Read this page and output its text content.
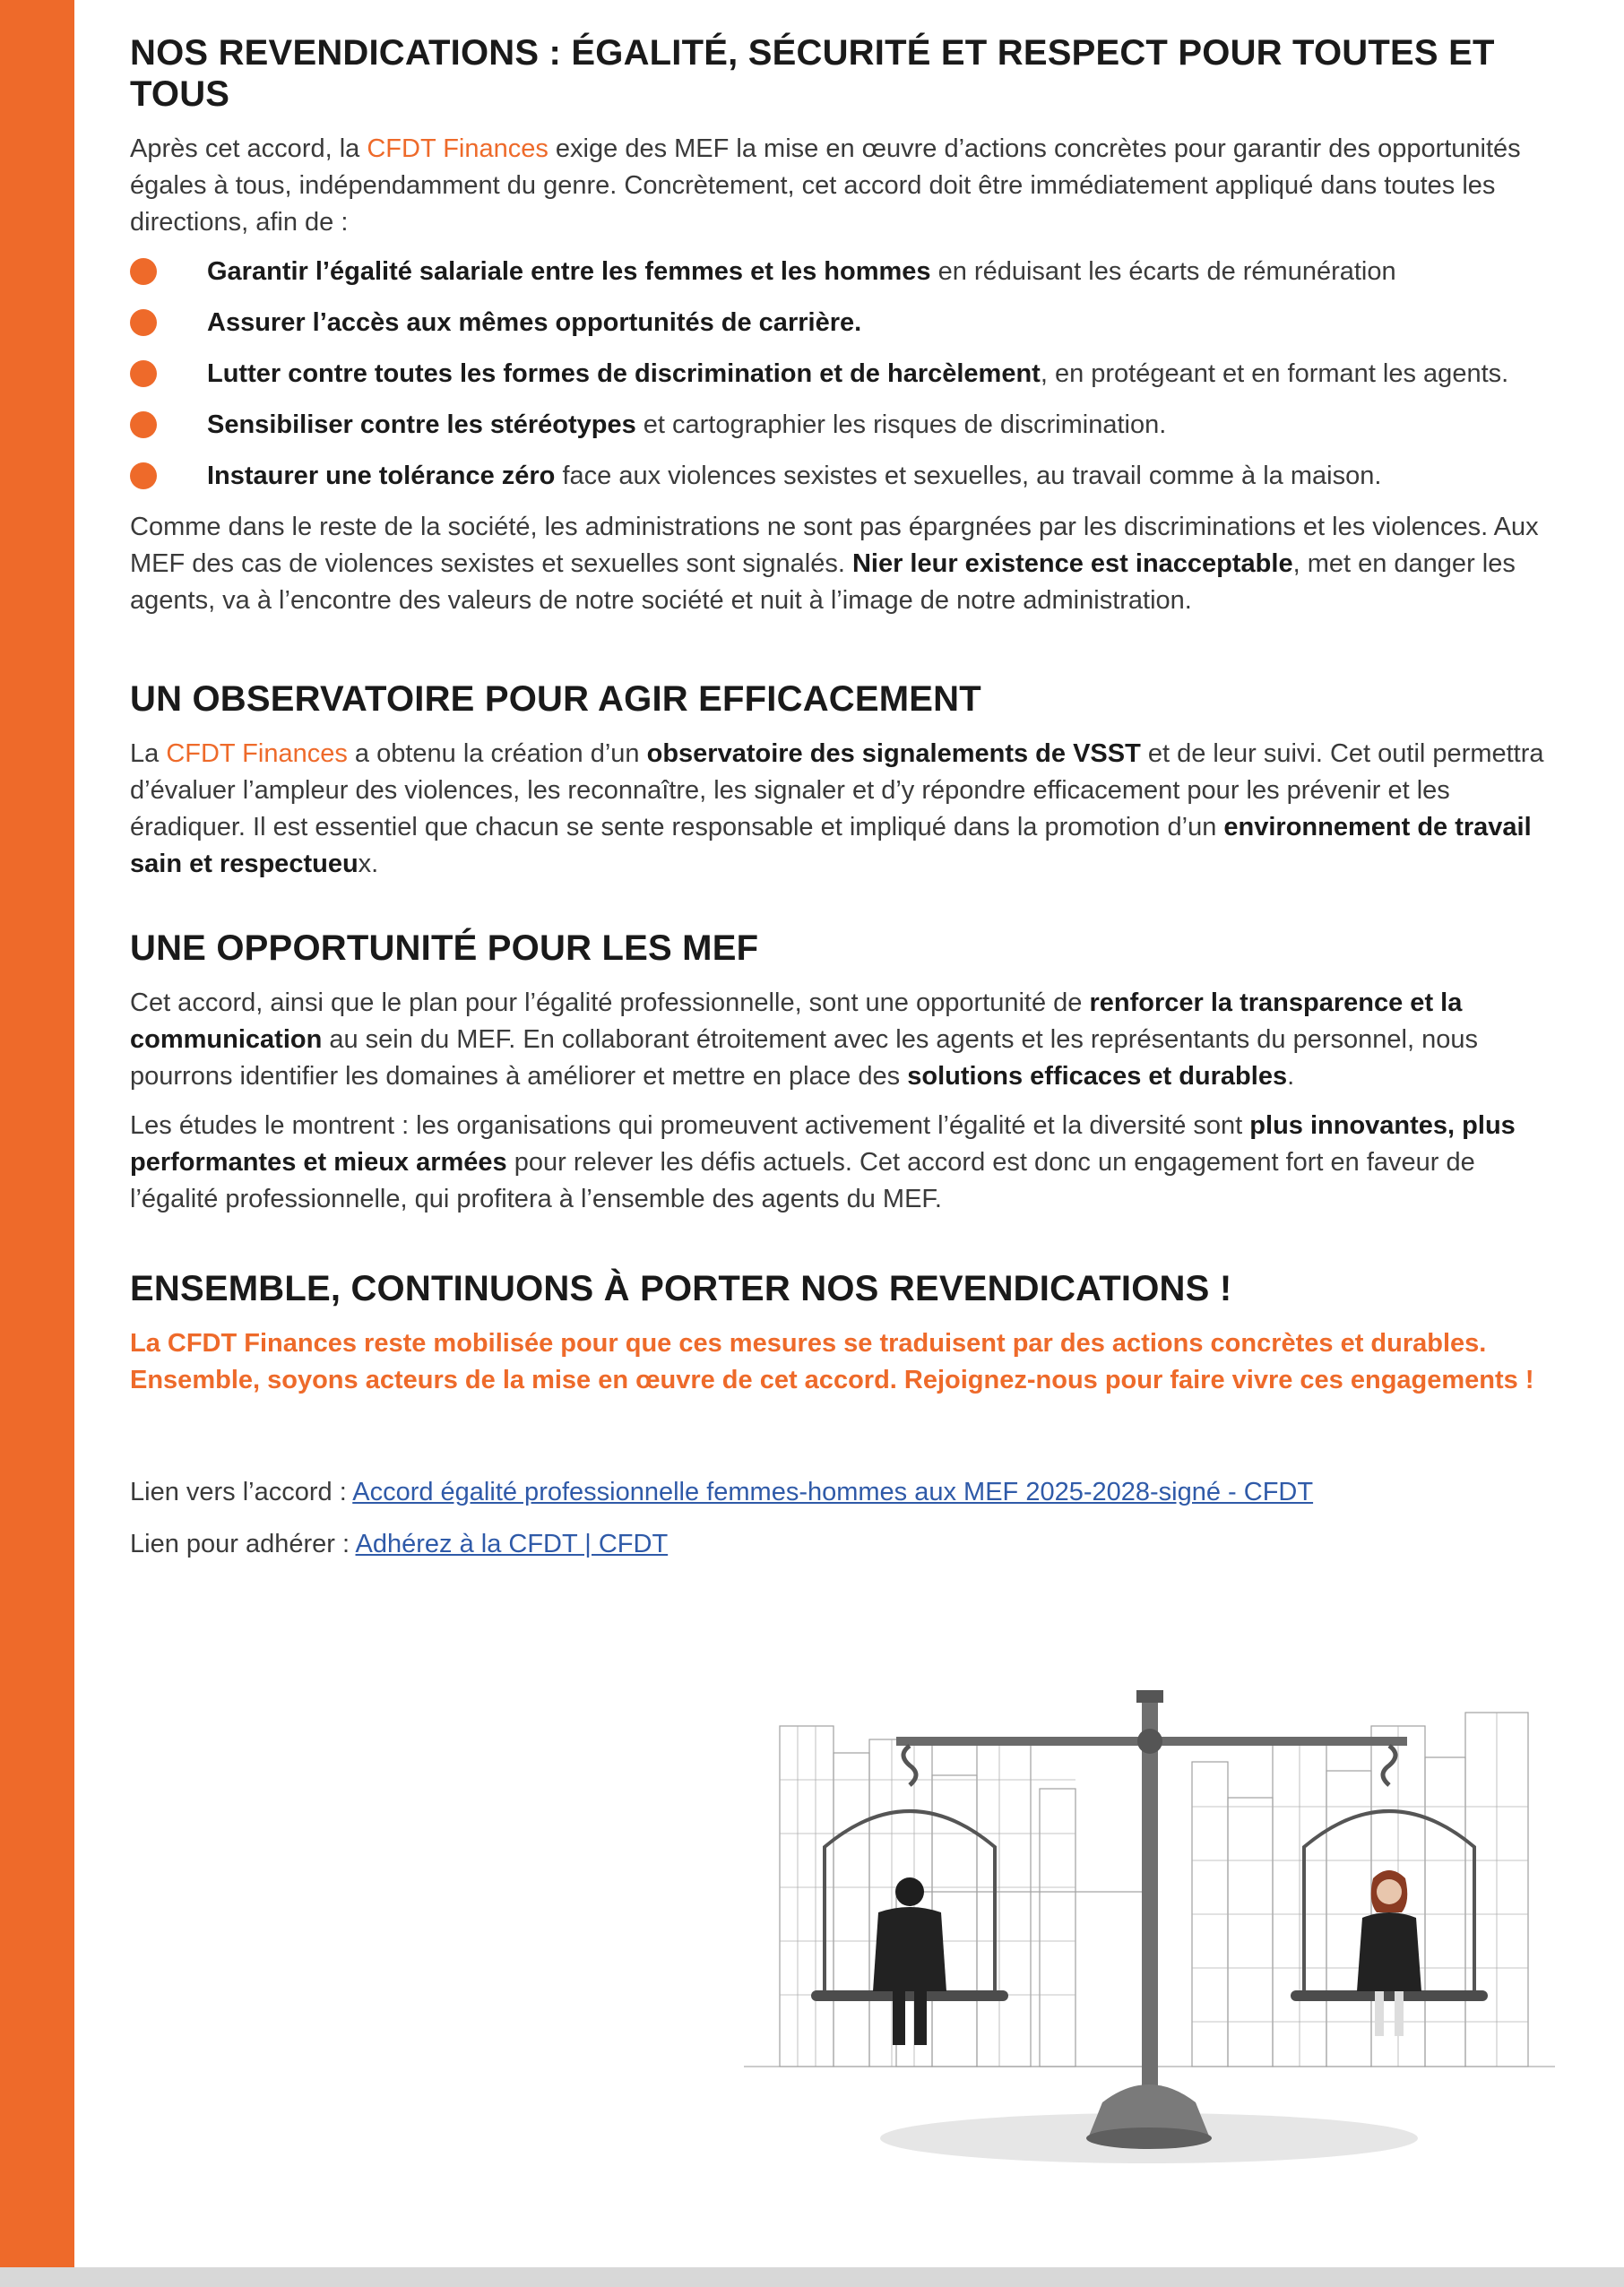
NOS REVENDICATIONS : ÉGALITÉ, SÉCURITÉ ET RESPECT POUR TOUTES ET TOUS

Après cet accord, la CFDT Finances exige des MEF la mise en œuvre d’actions concrètes pour garantir des opportunités égales à tous, indépendamment du genre. Concrètement, cet accord doit être immédiatement appliqué dans toutes les directions, afin de :

Garantir l’égalité salariale entre les femmes et les hommes en réduisant les écarts de rémunération
Assurer l’accès aux mêmes opportunités de carrière.
Lutter contre toutes les formes de discrimination et de harcèlement, en protégeant et en formant les agents.
Sensibiliser contre les stéréotypes et cartographier les risques de discrimination.
Instaurer une tolérance zéro face aux violences sexistes et sexuelles, au travail comme à la maison.

Comme dans le reste de la société, les administrations ne sont pas épargnées par les discriminations et les violences. Aux MEF des cas de violences sexistes et sexuelles sont signalés. Nier leur existence est inacceptable, met en danger les agents, va à l’encontre des valeurs de notre société et nuit à l’image de notre administration.

UN OBSERVATOIRE POUR AGIR EFFICACEMENT

La CFDT Finances a obtenu la création d’un observatoire des signalements de VSST et de leur suivi. Cet outil permettra d’évaluer l’ampleur des violences, les reconnaître, les signaler et d’y répondre efficacement pour les prévenir et les éradiquer. Il est essentiel que chacun se sente responsable et impliqué dans la promotion d’un environnement de travail sain et respectueux.

UNE OPPORTUNITÉ POUR LES MEF

Cet accord, ainsi que le plan pour l’égalité professionnelle, sont une opportunité de renforcer la transparence et la communication au sein du MEF. En collaborant étroitement avec les agents et les représentants du personnel, nous pourrons identifier les domaines à améliorer et mettre en place des solutions efficaces et durables.

Les études le montrent : les organisations qui promeuvent activement l’égalité et la diversité sont plus innovantes, plus performantes et mieux armées pour relever les défis actuels. Cet accord est donc un engagement fort en faveur de l’égalité professionnelle, qui profitera à l’ensemble des agents du MEF.

ENSEMBLE, CONTINUONS À PORTER NOS REVENDICATIONS !

La CFDT Finances reste mobilisée pour que ces mesures se traduisent par des actions concrètes et durables. Ensemble, soyons acteurs de la mise en œuvre de cet accord. Rejoignez-nous pour faire vivre ces engagements !

Lien vers l’accord : Accord égalité professionnelle femmes-hommes aux MEF 2025-2028-signé - CFDT

Lien pour adhérer : Adhérez à la CFDT | CFDT
